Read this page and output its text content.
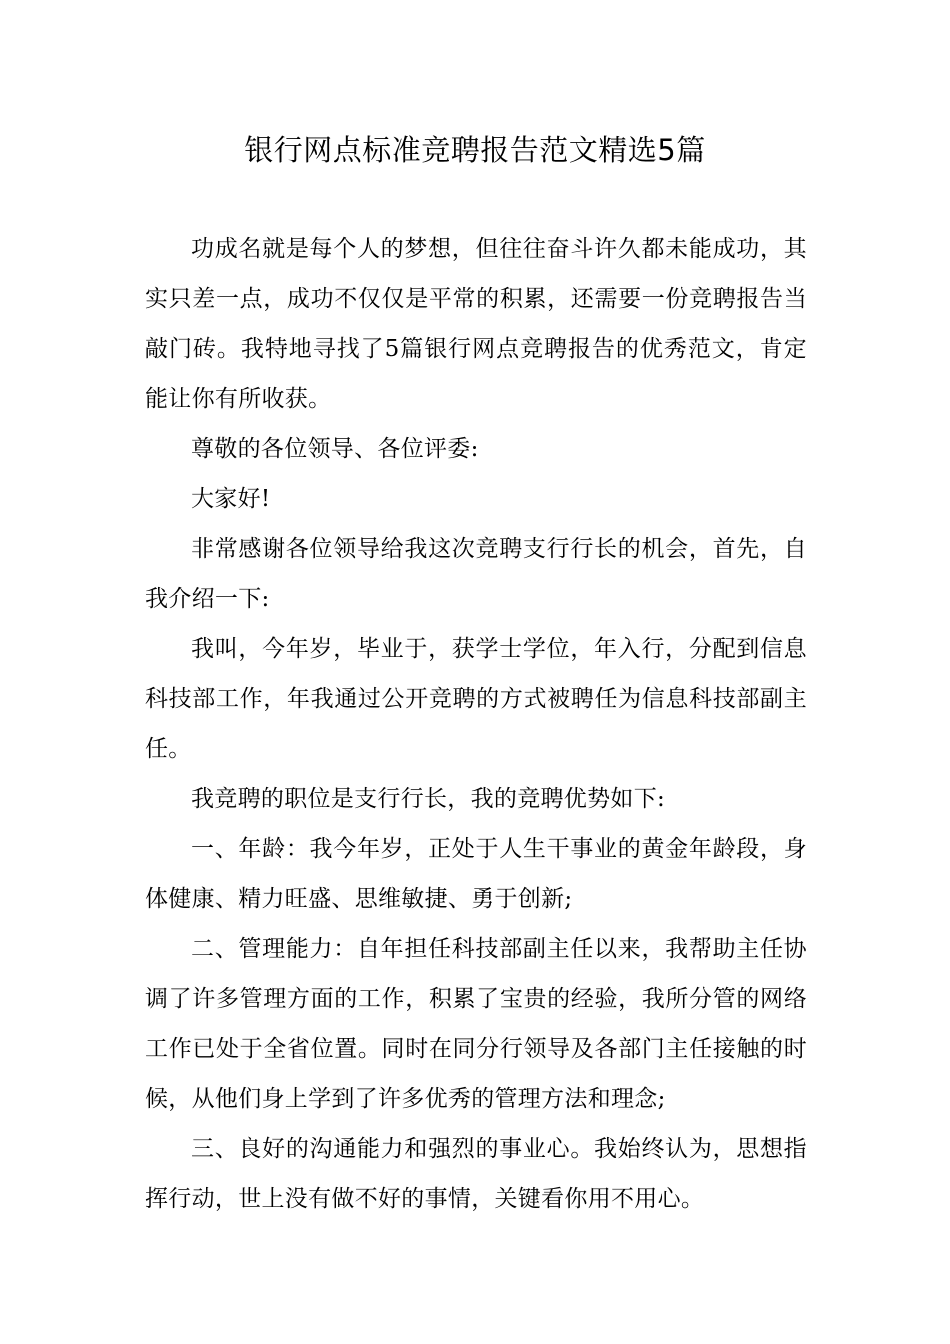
银行网点标准竞聘报告范文精选5篇

功成名就是每个人的梦想，但往往奋斗许久都未能成功，其实只差一点，成功不仅仅是平常的积累，还需要一份竞聘报告当敲门砖。我特地寻找了5篇银行网点竞聘报告的优秀范文，肯定能让你有所收获。

尊敬的各位领导、各位评委:

大家好!

非常感谢各位领导给我这次竞聘支行行长的机会，首先，自我介绍一下:

我叫，今年岁，毕业于，获学士学位，年入行，分配到信息科技部工作，年我通过公开竞聘的方式被聘任为信息科技部副主任。

我竞聘的职位是支行行长，我的竞聘优势如下:

一、年龄：我今年岁，正处于人生干事业的黄金年龄段，身体健康、精力旺盛、思维敏捷、勇于创新;

二、管理能力：自年担任科技部副主任以来，我帮助主任协调了许多管理方面的工作，积累了宝贵的经验，我所分管的网络工作已处于全省位置。同时在同分行领导及各部门主任接触的时候，从他们身上学到了许多优秀的管理方法和理念;

三、良好的沟通能力和强烈的事业心。我始终认为，思想指挥行动，世上没有做不好的事情，关键看你用不用心。
